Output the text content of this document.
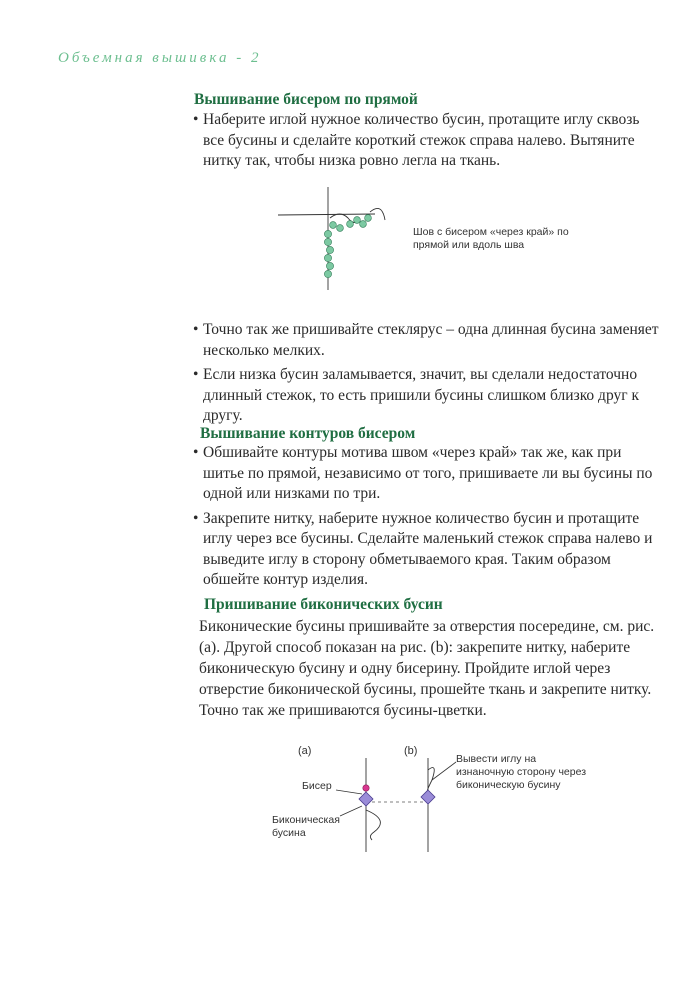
Объемная вышивка - 2
Вышивание бисером по прямой
• Наберите иглой нужное количество бусин, протащите иглу сквозь все бусины и сделайте короткий стежок справа налево. Вытяните нитку так, чтобы низка ровно легла на ткань.
Шов с бисером «через край» по прямой или вдоль шва
• Точно так же пришивайте стеклярус – одна длинная бусина заменяет несколько мелких.
• Если низка бусин заламывается, значит, вы сделали недостаточно длинный стежок, то есть пришили бусины слишком близко друг к другу.
Вышивание контуров бисером
• Обшивайте контуры мотива швом «через край» так же, как при шитье по прямой, независимо от того, пришиваете ли вы бусины по одной или низками по три.
• Закрепите нитку, наберите нужное количество бусин и протащите иглу через все бусины. Сделайте маленький стежок справа налево и выведите иглу в сторону обметываемого края. Таким образом обшейте контур изделия.
Пришивание биконических бусин
Биконические бусины пришивайте за отверстия посередине, см. рис. (а). Другой способ показан на рис. (b): закрепите нитку, наберите биконическую бусину и одну бисерину. Пройдите иглой через отверстие биконической бусины, прошейте ткань и закрепите нитку. Точно так же пришиваются бусины-цветки.
(а)	(b)
Бисер
Биконическая бусина
Вывести иглу на изнаночную сторону через биконическую бусину
